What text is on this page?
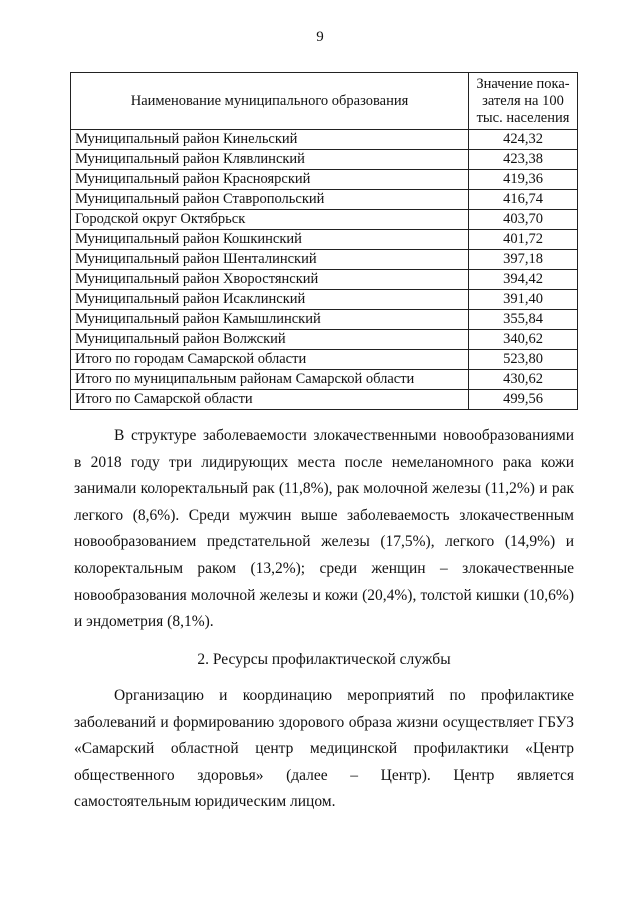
9
Наименование муниципального образования	Значение пока-зателя на 100 тыс. населения
Муниципальный район Кинельский	424,32
Муниципальный район Клявлинский	423,38
Муниципальный район Красноярский	419,36
Муниципальный район Ставропольский	416,74
Городской округ Октябрьск	403,70
Муниципальный район Кошкинский	401,72
Муниципальный район Шенталинский	397,18
Муниципальный район Хворостянский	394,42
Муниципальный район Исаклинский	391,40
Муниципальный район Камышлинский	355,84
Муниципальный район Волжский	340,62
Итого по городам Самарской области	523,80
Итого по муниципальным районам Самарской области	430,62
Итого по Самарской области	499,56

В структуре заболеваемости злокачественными новообразованиями в 2018 году три лидирующих места после немеланомного рака кожи занимали колоректальный рак (11,8%), рак молочной железы (11,2%) и рак легкого (8,6%). Среди мужчин выше заболеваемость злокачественным новообразованием предстательной железы (17,5%), легкого (14,9%) и колоректальным раком (13,2%); среди женщин – злокачественные новообразования молочной железы и кожи (20,4%), толстой кишки (10,6%) и эндометрия (8,1%).

2. Ресурсы профилактической службы

Организацию и координацию мероприятий по профилактике заболеваний и формированию здорового образа жизни осуществляет ГБУЗ «Самарский областной центр медицинской профилактики «Центр общественного здоровья» (далее – Центр). Центр является самостоятельным юридическим лицом.
